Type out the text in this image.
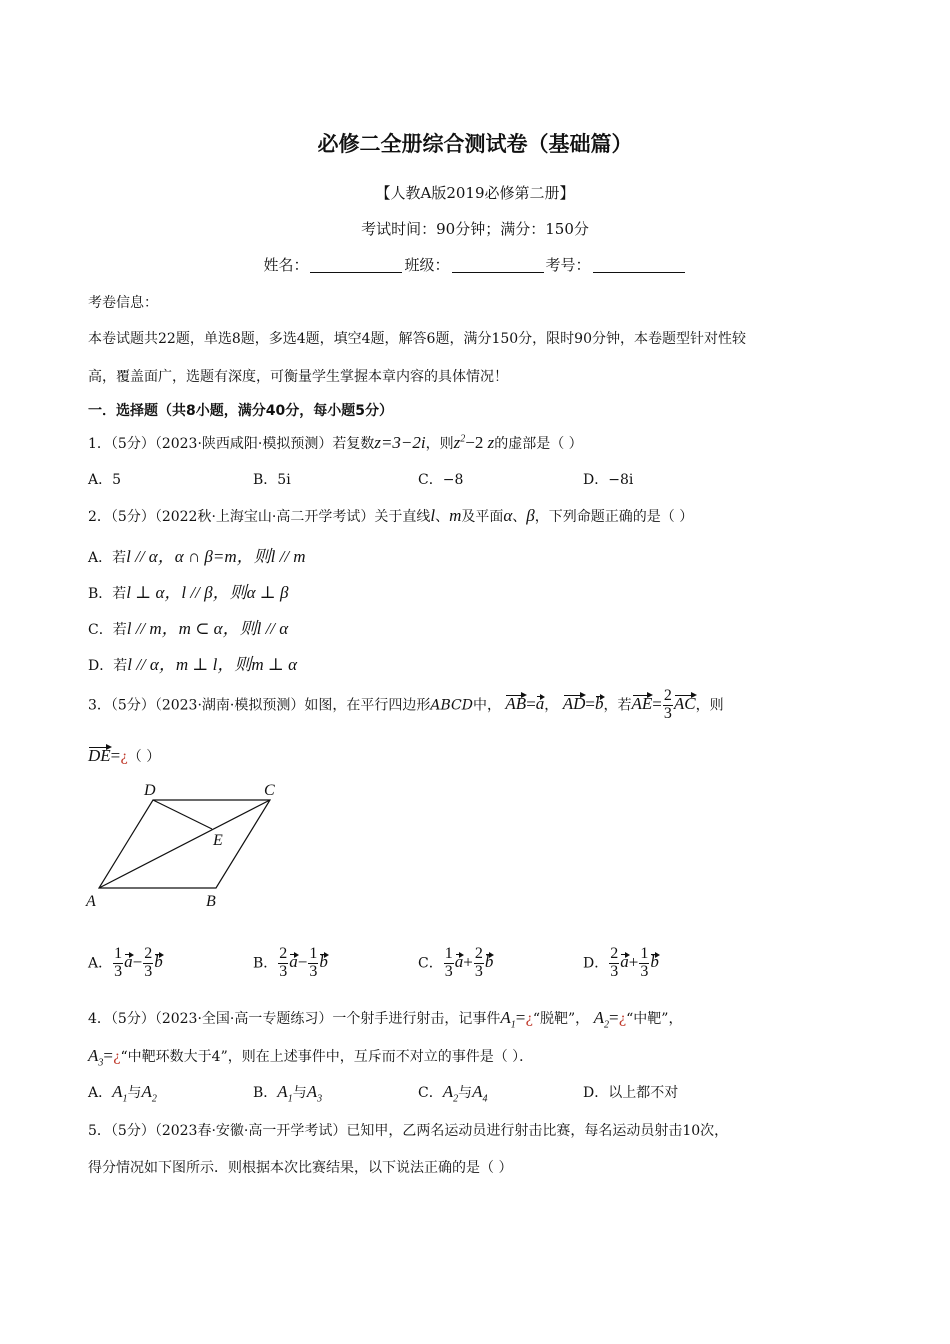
必修二全册综合测试卷（基础篇）
【人教A版2019必修第二册】
考试时间：90分钟；满分：150分
姓名：	班级：	考号：
考卷信息：
本卷试题共22题，单选8题，多选4题，填空4题，解答6题，满分150分，限时90分钟，本卷题型针对性较
高，覆盖面广，选题有深度，可衡量学生掌握本章内容的具体情况！
一．选择题（共8小题，满分40分，每小题5分）
1．（5分）（2023·陕西咸阳·模拟预测）若复数z=3−2i，则$z^2-2$ z的虚部是（ ）
A．5	B．5i	C．−8	D．−8i
2．（5分）（2022秋·上海宝山·高二开学考试）关于直线l、m及平面α、β，下列命题正确的是（ ）
A．若l // α，α ∩ β=m，则l // m
B．若l ⊥ α，l // β，则α ⊥ β
C．若l // m，m ⊂ α，则l // α
D．若l // α，m ⊥ l，则m ⊥ α
3．（5分）（2023·湖南·模拟预测）如图，在平行四边形ABCD中， AB=a， AD=b，若$AE= \frac{2}{3}$ AC，则
DE=¿（ ）
D	C
E
A	B
A． $\frac{1}{3} a- \frac{2}{3}$ b	B． $\frac{2}{3} a- \frac{1}{3}$ b	C． $\frac{1}{3} a+ \frac{2}{3}$ b	D． $\frac{2}{3} a+ \frac{1}{3}$ b
4．（5分）（2023·全国·高一专题练习）一个射手进行射击，记事件$A_1=¿“$脱靶”， $A_2=¿“$中靶”，
$A_3=¿“$中靶环数大于4”，则在上述事件中，互斥而不对立的事件是（ ）．
A．$A_1$与$A_2$	B．$A_1$与$A_3$	C．$A_2$与$A_4$	D．以上都不对
5．（5分）（2023春·安徽·高一开学考试）已知甲，乙两名运动员进行射击比赛，每名运动员射击10次，
得分情况如下图所示．则根据本次比赛结果，以下说法正确的是（ ）
